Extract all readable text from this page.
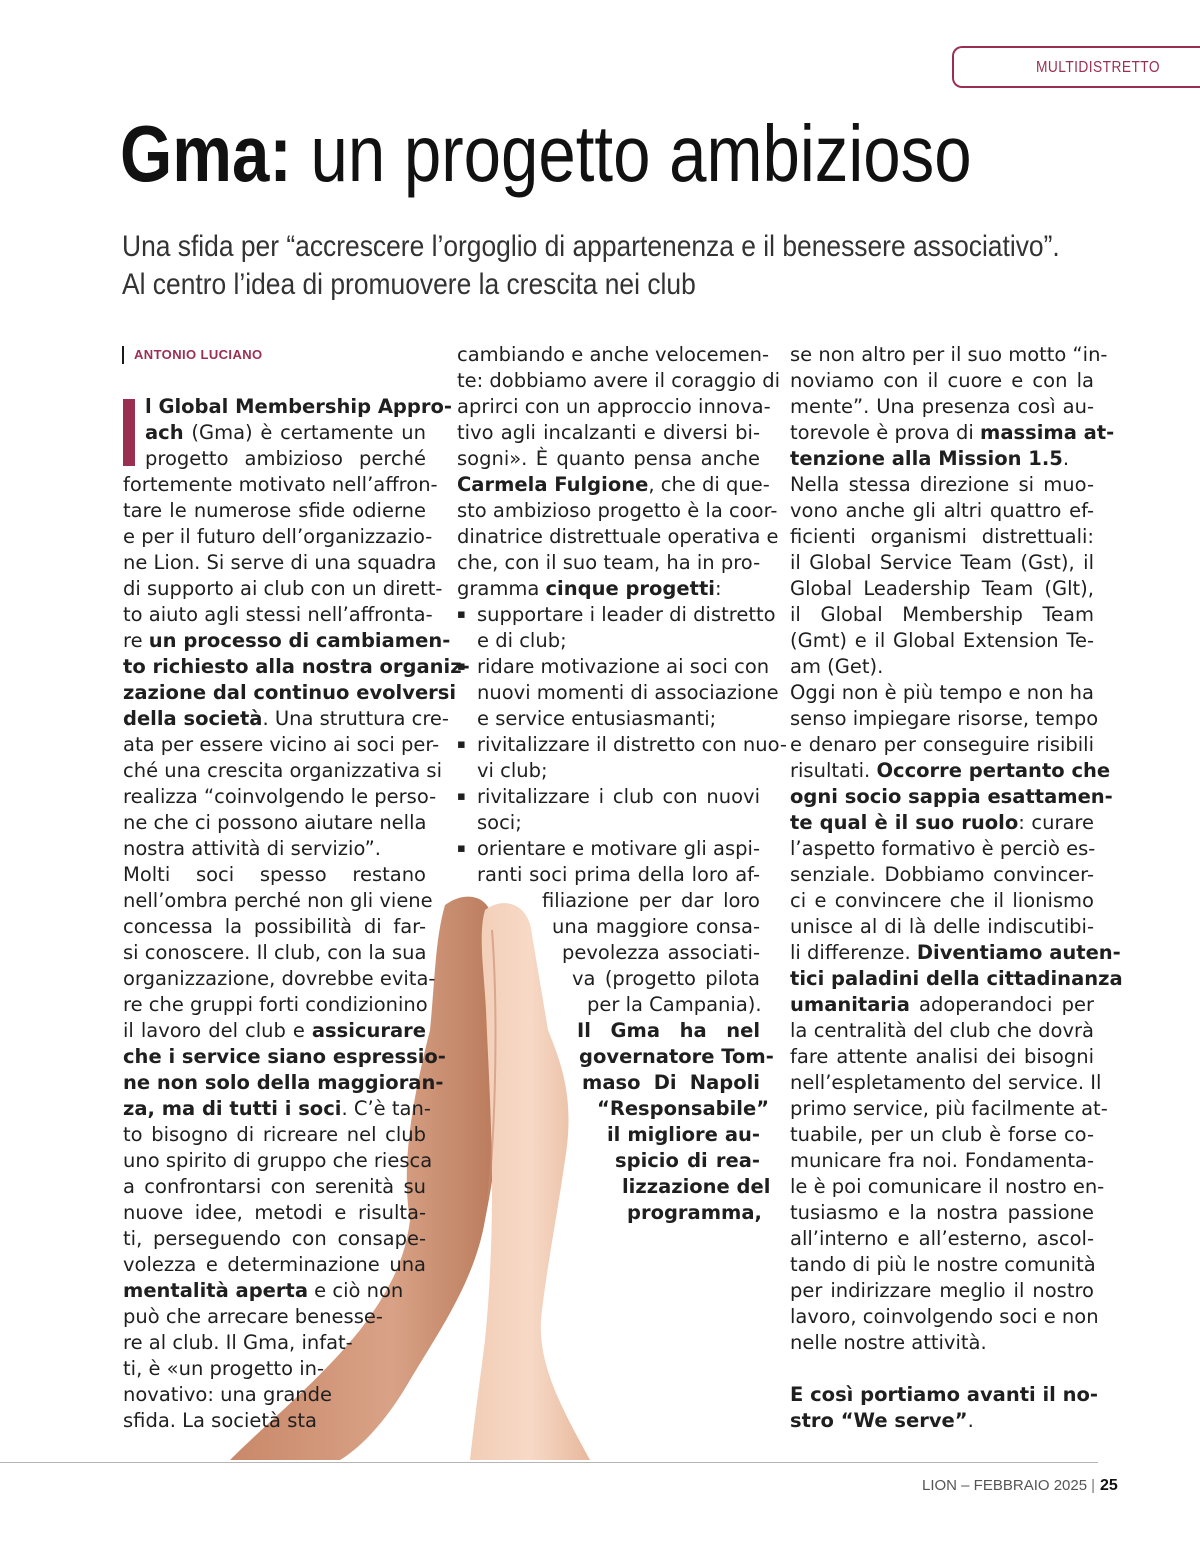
MULTIDISTRETTO
Gma: un progetto ambizioso
Una sfida per “accrescere l’orgoglio di appartenenza e il benessere associativo”.
Al centro l’idea di promuovere la crescita nei club
ANTONIO LUCIANO
l Global Membership Appro-
ach (Gma) è certamente un
progetto ambizioso perché
fortemente motivato nell’affron-
tare le numerose sfide odierne
e per il futuro dell’organizzazio-
ne Lion. Si serve di una squadra
di supporto ai club con un dirett-
to aiuto agli stessi nell’affronta-
re un processo di cambiamen-
to richiesto alla nostra organiz-
zazione dal continuo evolversi
della società. Una struttura cre-
ata per essere vicino ai soci per-
ché una crescita organizzativa si
realizza “coinvolgendo le perso-
ne che ci possono aiutare nella
nostra attività di servizio”.
Molti soci spesso restano
nell’ombra perché non gli viene
concessa la possibilità di far-
si conoscere. Il club, con la sua
organizzazione, dovrebbe evita-
re che gruppi forti condizionino
il lavoro del club e assicurare
che i service siano espressio-
ne non solo della maggioran-
za, ma di tutti i soci. C’è tan-
to bisogno di ricreare nel club
uno spirito di gruppo che riesca
a confrontarsi con serenità su
nuove idee, metodi e risulta-
ti, perseguendo con consape-
volezza e determinazione una
mentalità aperta e ciò non
può che arrecare benesse-
re al club. Il Gma, infat-
ti, è «un progetto in-
novativo: una grande
sfida. La società sta
cambiando e anche velocemen-
te: dobbiamo avere il coraggio di
aprirci con un approccio innova-
tivo agli incalzanti e diversi bi-
sogni». È quanto pensa anche
Carmela Fulgione, che di que-
sto ambizioso progetto è la coor-
dinatrice distrettuale operativa e
che, con il suo team, ha in pro-
gramma cinque progetti:
▪ supportare i leader di distretto
e di club;
▪ ridare motivazione ai soci con
nuovi momenti di associazione
e service entusiasmanti;
▪ rivitalizzare il distretto con nuo-
vi club;
▪ rivitalizzare i club con nuovi
soci;
▪ orientare e motivare gli aspi-
ranti soci prima della loro af-
filiazione per dar loro
una maggiore consa-
pevolezza associati-
va (progetto pilota
per la Campania).
Il Gma ha nel
governatore Tom-
maso Di Napoli
“Responsabile”
il migliore au-
spicio di rea-
lizzazione del
programma,
se non altro per il suo motto “in-
noviamo con il cuore e con la
mente”. Una presenza così au-
torevole è prova di massima at-
tenzione alla Mission 1.5.
Nella stessa direzione si muo-
vono anche gli altri quattro ef-
ficienti organismi distrettuali:
il Global Service Team (Gst), il
Global Leadership Team (Glt),
il Global Membership Team
(Gmt) e il Global Extension Te-
am (Get).
Oggi non è più tempo e non ha
senso impiegare risorse, tempo
e denaro per conseguire risibili
risultati. Occorre pertanto che
ogni socio sappia esattamen-
te qual è il suo ruolo: curare
l’aspetto formativo è perciò es-
senziale. Dobbiamo convincer-
ci e convincere che il lionismo
unisce al di là delle indiscutibi-
li differenze. Diventiamo auten-
tici paladini della cittadinanza
umanitaria adoperandoci per
la centralità del club che dovrà
fare attente analisi dei bisogni
nell’espletamento del service. Il
primo service, più facilmente at-
tuabile, per un club è forse co-
municare fra noi. Fondamenta-
le è poi comunicare il nostro en-
tusiasmo e la nostra passione
all’interno e all’esterno, ascol-
tando di più le nostre comunità
per indirizzare meglio il nostro
lavoro, coinvolgendo soci e non
nelle nostre attività.
E così portiamo avanti il no-
stro “We serve”.
LION – FEBBRAIO 2025 | 25
